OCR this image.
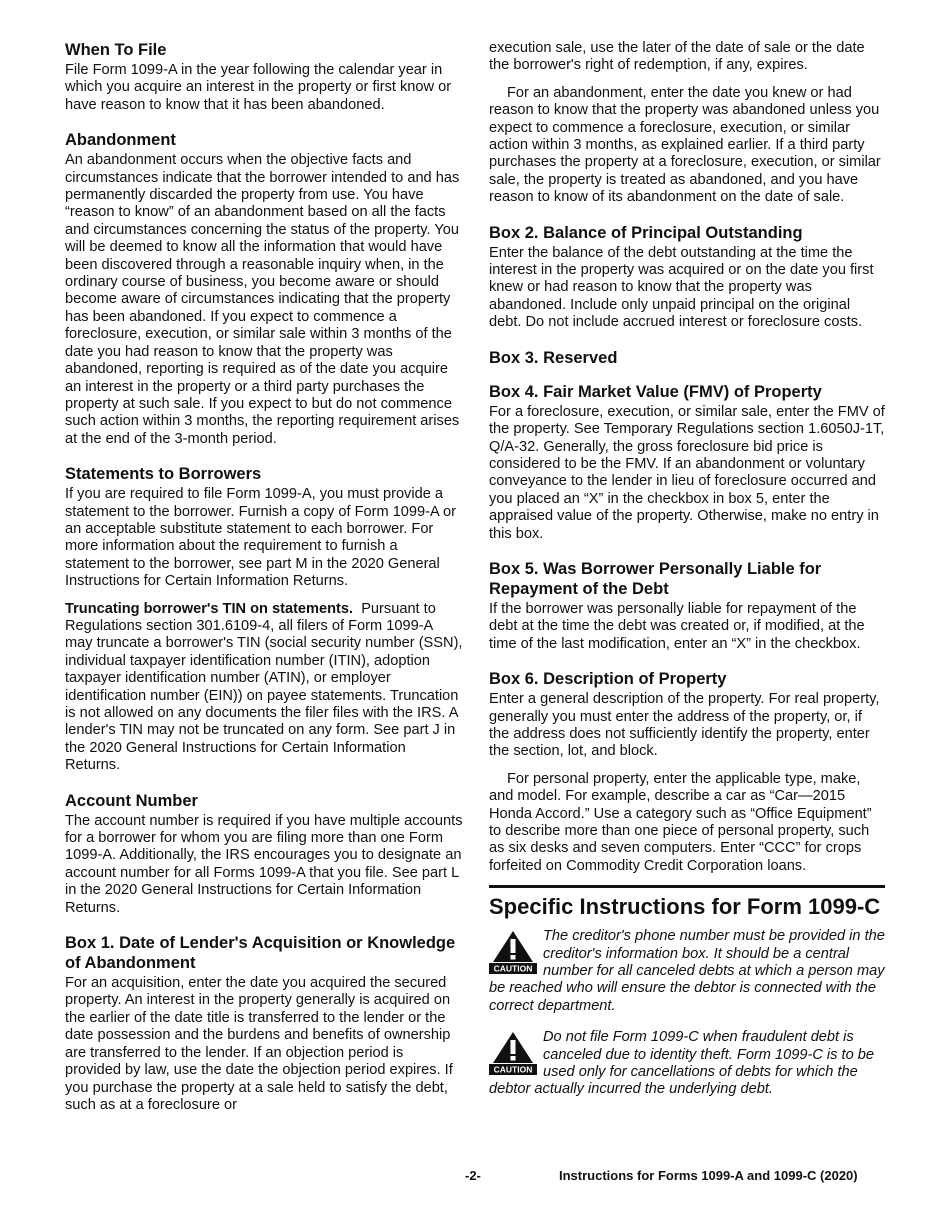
When To File

File Form 1099-A in the year following the calendar year in which you acquire an interest in the property or first know or have reason to know that it has been abandoned.

Abandonment

An abandonment occurs when the objective facts and circumstances indicate that the borrower intended to and has permanently discarded the property from use. You have “reason to know” of an abandonment based on all the facts and circumstances concerning the status of the property. You will be deemed to know all the information that would have been discovered through a reasonable inquiry when, in the ordinary course of business, you become aware or should become aware of circumstances indicating that the property has been abandoned. If you expect to commence a foreclosure, execution, or similar sale within 3 months of the date you had reason to know that the property was abandoned, reporting is required as of the date you acquire an interest in the property or a third party purchases the property at such sale. If you expect to but do not commence such action within 3 months, the reporting requirement arises at the end of the 3-month period.

Statements to Borrowers

If you are required to file Form 1099-A, you must provide a statement to the borrower. Furnish a copy of Form 1099-A or an acceptable substitute statement to each borrower. For more information about the requirement to furnish a statement to the borrower, see part M in the 2020 General Instructions for Certain Information Returns.

Truncating borrower's TIN on statements. Pursuant to Regulations section 301.6109-4, all filers of Form 1099-A may truncate a borrower's TIN (social security number (SSN), individual taxpayer identification number (ITIN), adoption taxpayer identification number (ATIN), or employer identification number (EIN)) on payee statements. Truncation is not allowed on any documents the filer files with the IRS. A lender's TIN may not be truncated on any form. See part J in the 2020 General Instructions for Certain Information Returns.

Account Number

The account number is required if you have multiple accounts for a borrower for whom you are filing more than one Form 1099-A. Additionally, the IRS encourages you to designate an account number for all Forms 1099-A that you file. See part L in the 2020 General Instructions for Certain Information Returns.

Box 1. Date of Lender's Acquisition or Knowledge of Abandonment

For an acquisition, enter the date you acquired the secured property. An interest in the property generally is acquired on the earlier of the date title is transferred to the lender or the date possession and the burdens and benefits of ownership are transferred to the lender. If an objection period is provided by law, use the date the objection period expires. If you purchase the property at a sale held to satisfy the debt, such as at a foreclosure or

execution sale, use the later of the date of sale or the date the borrower's right of redemption, if any, expires.

For an abandonment, enter the date you knew or had reason to know that the property was abandoned unless you expect to commence a foreclosure, execution, or similar action within 3 months, as explained earlier. If a third party purchases the property at a foreclosure, execution, or similar sale, the property is treated as abandoned, and you have reason to know of its abandonment on the date of sale.

Box 2. Balance of Principal Outstanding

Enter the balance of the debt outstanding at the time the interest in the property was acquired or on the date you first knew or had reason to know that the property was abandoned. Include only unpaid principal on the original debt. Do not include accrued interest or foreclosure costs.

Box 3. Reserved
Box 4. Fair Market Value (FMV) of Property

For a foreclosure, execution, or similar sale, enter the FMV of the property. See Temporary Regulations section 1.6050J-1T, Q/A-32. Generally, the gross foreclosure bid price is considered to be the FMV. If an abandonment or voluntary conveyance to the lender in lieu of foreclosure occurred and you placed an “X” in the checkbox in box 5, enter the appraised value of the property. Otherwise, make no entry in this box.

Box 5. Was Borrower Personally Liable for Repayment of the Debt

If the borrower was personally liable for repayment of the debt at the time the debt was created or, if modified, at the time of the last modification, enter an “X” in the checkbox.

Box 6. Description of Property

Enter a general description of the property. For real property, generally you must enter the address of the property, or, if the address does not sufficiently identify the property, enter the section, lot, and block.

For personal property, enter the applicable type, make, and model. For example, describe a car as “Car—2015 Honda Accord.” Use a category such as “Office Equipment” to describe more than one piece of personal property, such as six desks and seven computers. Enter “CCC” for crops forfeited on Commodity Credit Corporation loans.

Specific Instructions for Form 1099-C
CAUTION

The creditor's phone number must be provided in the creditor's information box. It should be a central number for all canceled debts at which a person may be reached who will ensure the debtor is connected with the correct department.

CAUTION

Do not file Form 1099-C when fraudulent debt is canceled due to identity theft. Form 1099-C is to be used only for cancellations of debts for which the debtor actually incurred the underlying debt.

-2-	Instructions for Forms 1099-A and 1099-C (2020)
